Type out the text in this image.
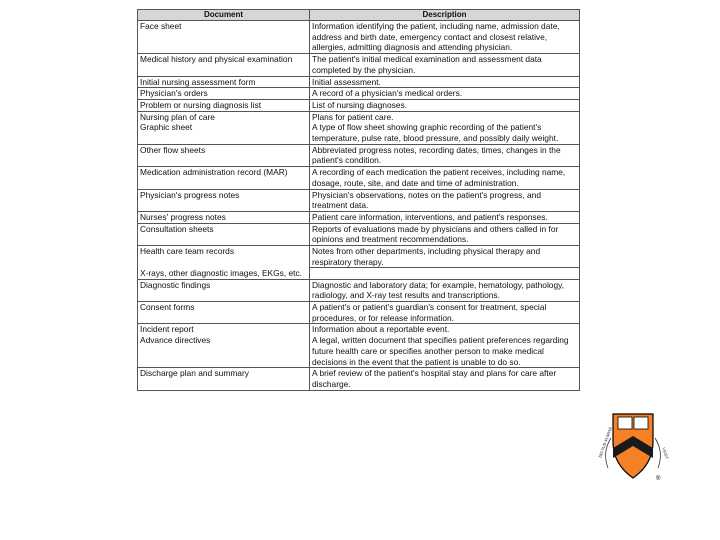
Document	Description
Face sheet	Information identifying the patient, including name, admission date, address and birth date, emergency contact and closest relative, allergies, admitting diagnosis and attending physician.
Medical history and physical examination	The patient's initial medical examination and assessment data completed by the physician.
Initial nursing assessment form	Initial assessment.
Physician's orders	A record of a physician's medical orders.
Problem or nursing diagnosis list	List of nursing diagnoses.
Nursing plan of care	Plans for patient care.
Graphic sheet	A type of flow sheet showing graphic recording of the patient's temperature, pulse rate, blood pressure, and possibly daily weight.
Other flow sheets	Abbreviated progress notes, recording dates, times, changes in the patient's condition.
Medication administration record (MAR)	A recording of each medication the patient receives, including name, dosage, route, site, and date and time of administration.
Physician's progress notes	Physician's observations, notes on the patient's progress, and treatment data.
Nurses' progress notes	Patient care information, interventions, and patient's responses.
Consultation sheets	Reports of evaluations made by physicians and others called in for opinions and treatment recommendations.
Health care team records	Notes from other departments, including physical therapy and respiratory therapy.
X-rays, other diagnostic images, EKGs, etc.	
Diagnostic findings	Diagnostic and laboratory data; for example, hematology, pathology, radiology, and X-ray test results and transcriptions.
Consent forms	A patient's or patient's guardian's consent for treatment, special procedures, or for release information.
Incident report	Information about a reportable event.
Advance directives	A legal, written document that specifies patient preferences regarding future health care or specifies another person to make medical decisions in the event that the patient is unable to do so.
Discharge plan and summary	A brief review of the patient's hospital stay and plans for care after discharge.
DEI SUB NUMINE	VIGET
®
